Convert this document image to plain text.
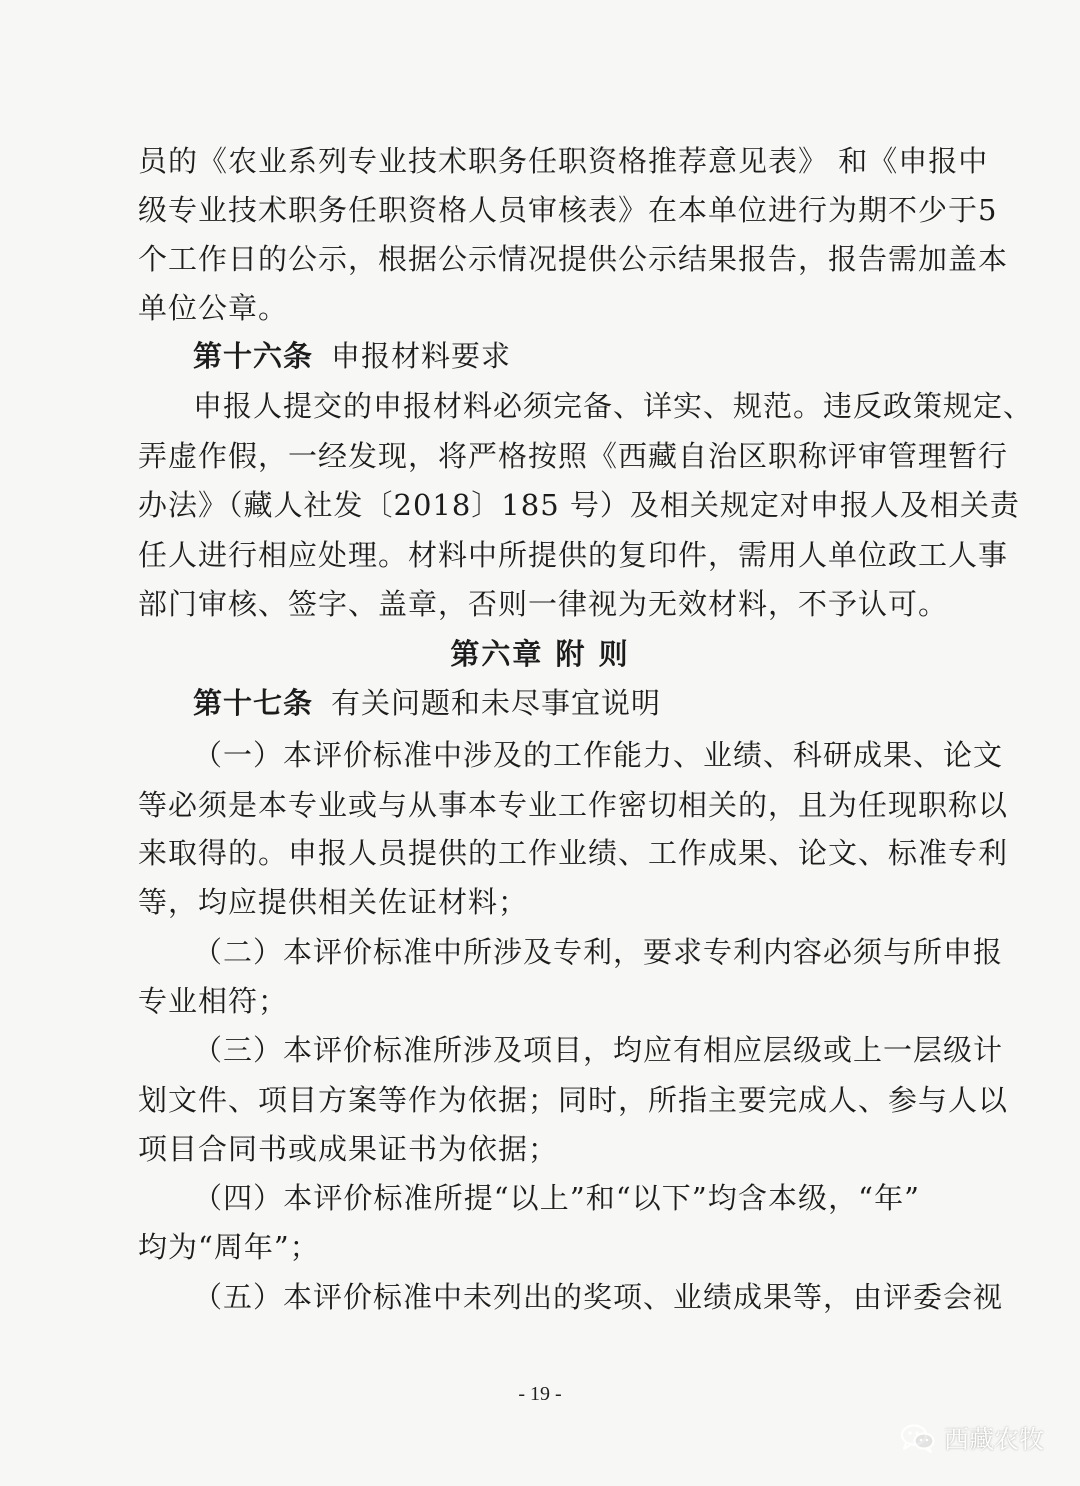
员的《农业系列专业技术职务任职资格推荐意见表》 和《申报中
级专业技术职务任职资格人员审核表》在本单位进行为期不少于5
个工作日的公示，根据公示情况提供公示结果报告，报告需加盖本
单位公章。
第十六条 申报材料要求
申报人提交的申报材料必须完备、详实、规范。违反政策规定、
弄虚作假，一经发现，将严格按照《西藏自治区职称评审管理暂行
办法》（藏人社发〔2018〕185 号）及相关规定对申报人及相关责
任人进行相应处理。材料中所提供的复印件，需用人单位政工人事
部门审核、签字、盖章，否则一律视为无效材料，不予认可。
第六章 附 则
第十七条 有关问题和未尽事宜说明
（一）本评价标准中涉及的工作能力、业绩、科研成果、论文
等必须是本专业或与从事本专业工作密切相关的，且为任现职称以
来取得的。申报人员提供的工作业绩、工作成果、论文、标准专利
等，均应提供相关佐证材料；
（二）本评价标准中所涉及专利，要求专利内容必须与所申报
专业相符；
（三）本评价标准所涉及项目，均应有相应层级或上一层级计
划文件、项目方案等作为依据；同时，所指主要完成人、参与人以
项目合同书或成果证书为依据；
（四）本评价标准所提“以上”和“以下”均含本级，“年”
均为“周年”；
（五）本评价标准中未列出的奖项、业绩成果等，由评委会视
- 19 -
西藏农牧
